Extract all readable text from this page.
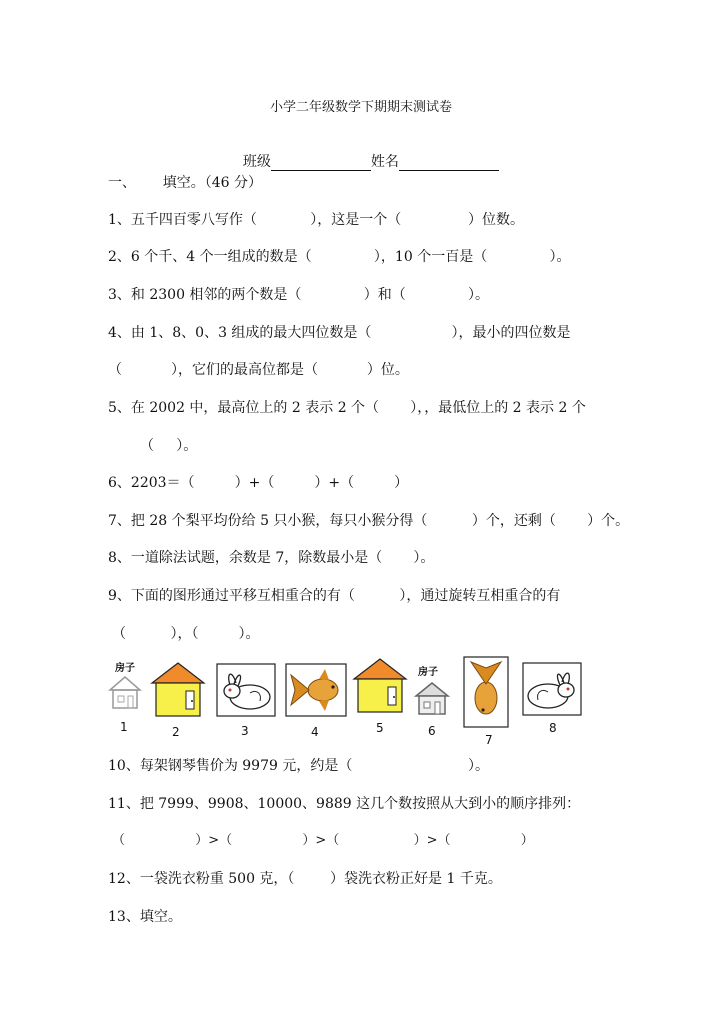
小学二年级数学下期期末测试卷

班级	姓名

一、      填空。（46 分）
1、五千四百零八写作（            ），这是一个（               ）位数。
2、6 个千、4 个一组成的数是（              ），10 个一百是（              ）。
3、和 2300 相邻的两个数是（              ）和（              ）。
4、由 1、8、0、3 组成的最大四位数是（                  ），最小的四位数是
（           ），它们的最高位都是（           ）位。
5、在 2002 中，最高位上的 2 表示 2 个（       ），，最低位上的 2 表示 2 个
（     ）。
6、2203＝（         ）+（         ）+（         ）
7、把 28 个梨平均份给 5 只小猴，每只小猴分得（          ）个，还剩（       ）个。
8、一道除法试题，余数是 7，除数最小是（       ）。
9、下面的图形通过平移互相重合的有（          ），通过旋转互相重合的有
（          ），（         ）。
房子
1	2	3	4	5
房子
6
7
8
10、每架钢琴售价为 9979 元，约是（                          ）。
11、把 7999、9908、10000、9889 这几个数按照从大到小的顺序排列：
（                 ）>（                 ）>（                  ）>（                 ）
12、一袋洗衣粉重 500 克，（        ）袋洗衣粉正好是 1 千克。
13、填空。
